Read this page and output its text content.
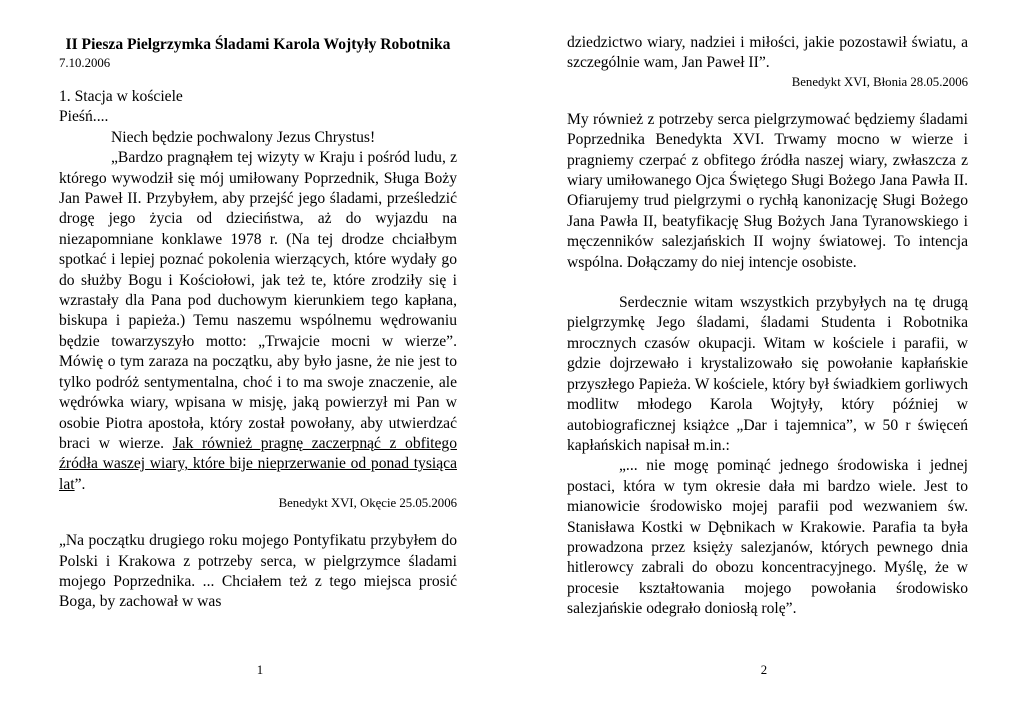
II Piesza Pielgrzymka Śladami Karola Wojtyły Robotnika
7.10.2006

1. Stacja w kościele

Pieśń....

Niech będzie pochwalony Jezus Chrystus!

„Bardzo pragnąłem tej wizyty w Kraju i pośród ludu, z którego wywodził się mój umiłowany Poprzednik, Sługa Boży Jan Paweł II. Przybyłem, aby przejść jego śladami, prześledzić drogę jego życia od dzieciństwa, aż do wyjazdu na niezapomniane konklawe 1978 r. (Na tej drodze chciałbym spotkać i lepiej poznać pokolenia wierzących, które wydały go do służby Bogu i Kościołowi, jak też te, które zrodziły się i wzrastały dla Pana pod duchowym kierunkiem tego kapłana, biskupa i papieża.) Temu naszemu wspólnemu wędrowaniu będzie towarzyszyło motto: „Trwajcie mocni w wierze”. Mówię o tym zaraza na początku, aby było jasne, że nie jest to tylko podróż sentymentalna, choć i to ma swoje znaczenie, ale wędrówka wiary, wpisana w misję, jaką powierzył mi Pan w osobie Piotra apostoła, który został powołany, aby utwierdzać braci w wierze. Jak również pragnę zaczerpnąć z obfitego źródła waszej wiary, które bije nieprzerwanie od ponad tysiąca lat”.

Benedykt XVI, Okęcie 25.05.2006

„Na początku drugiego roku mojego Pontyfikatu przybyłem do Polski i Krakowa z potrzeby serca, w pielgrzymce śladami mojego Poprzednika. ... Chciałem też z tego miejsca prosić Boga, by zachował w was

1

dziedzictwo wiary, nadziei i miłości, jakie pozostawił światu, a szczególnie wam, Jan Paweł II”.

Benedykt XVI, Błonia 28.05.2006

My również z potrzeby serca pielgrzymować będziemy śladami Poprzednika Benedykta XVI. Trwamy mocno w wierze i pragniemy czerpać z obfitego źródła naszej wiary, zwłaszcza z wiary umiłowanego Ojca Świętego Sługi Bożego Jana Pawła II. Ofiarujemy trud pielgrzymi o rychłą kanonizację Sługi Bożego Jana Pawła II, beatyfikację Sług Bożych Jana Tyranowskiego i męczenników salezjańskich II wojny światowej. To intencja wspólna. Dołączamy do niej intencje osobiste.

Serdecznie witam wszystkich przybyłych na tę drugą pielgrzymkę Jego śladami, śladami Studenta i Robotnika mrocznych czasów okupacji. Witam w kościele i parafii, w gdzie dojrzewało i krystalizowało się powołanie kapłańskie przyszłego Papieża. W kościele, który był świadkiem gorliwych modlitw młodego Karola Wojtyły, który później w autobiograficznej książce „Dar i tajemnica”, w 50 r święceń kapłańskich napisał m.in.:

„... nie mogę pominąć jednego środowiska i jednej postaci, która w tym okresie dała mi bardzo wiele. Jest to mianowicie środowisko mojej parafii pod wezwaniem św. Stanisława Kostki w Dębnikach w Krakowie. Parafia ta była prowadzona przez księży salezjanów, których pewnego dnia hitlerowcy zabrali do obozu koncentracyjnego. Myślę, że w procesie kształtowania mojego powołania środowisko salezjańskie odegrało doniosłą rolę”.

2
